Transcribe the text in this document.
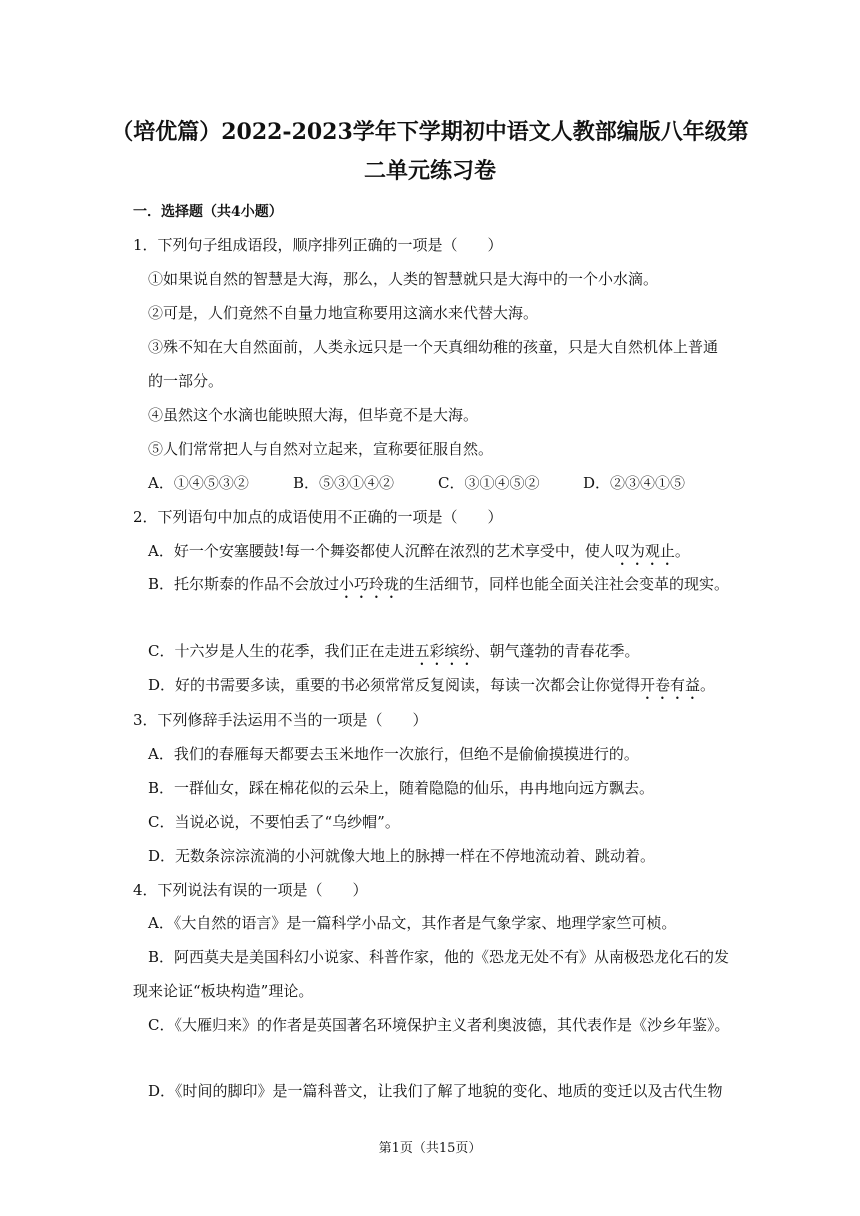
（培优篇）2022-2023学年下学期初中语文人教部编版八年级第
二单元练习卷
一．选择题（共4小题）
1．下列句子组成语段，顺序排列正确的一项是（　　）
①如果说自然的智慧是大海，那么，人类的智慧就只是大海中的一个小水滴。
②可是，人们竟然不自量力地宣称要用这滴水来代替大海。
③殊不知在大自然面前，人类永远只是一个天真细幼稚的孩童，只是大自然机体上普通
的一部分。
④虽然这个水滴也能映照大海，但毕竟不是大海。
⑤人们常常把人与自然对立起来，宣称要征服自然。
A．①④⑤③②	B．⑤③①④②	C．③①④⑤②	D．②③④①⑤
2．下列语句中加点的成语使用不正确的一项是（　　）
A．好一个安塞腰鼓!每一个舞姿都使人沉醉在浓烈的艺术享受中，使人叹为观止。
B．托尔斯泰的作品不会放过小巧玲珑的生活细节，同样也能全面关注社会变革的现实。
C．十六岁是人生的花季，我们正在走进五彩缤纷、朝气蓬勃的青春花季。
D．好的书需要多读，重要的书必须常常反复阅读，每读一次都会让你觉得开卷有益。
3．下列修辞手法运用不当的一项是（　　）
A．我们的春雁每天都要去玉米地作一次旅行，但绝不是偷偷摸摸进行的。
B．一群仙女，踩在棉花似的云朵上，随着隐隐的仙乐，冉冉地向远方飘去。
C．当说必说，不要怕丢了“乌纱帽”。
D．无数条淙淙流淌的小河就像大地上的脉搏一样在不停地流动着、跳动着。
4．下列说法有误的一项是（　　）
A．《大自然的语言》是一篇科学小品文，其作者是气象学家、地理学家竺可桢。
B．阿西莫夫是美国科幻小说家、科普作家，他的《恐龙无处不有》从南极恐龙化石的发
现来论证“板块构造”理论。
C．《大雁归来》的作者是英国著名环境保护主义者利奥波德，其代表作是《沙乡年鉴》。
D．《时间的脚印》是一篇科普文，让我们了解了地貌的变化、地质的变迁以及古代生物
第1页（共15页）
